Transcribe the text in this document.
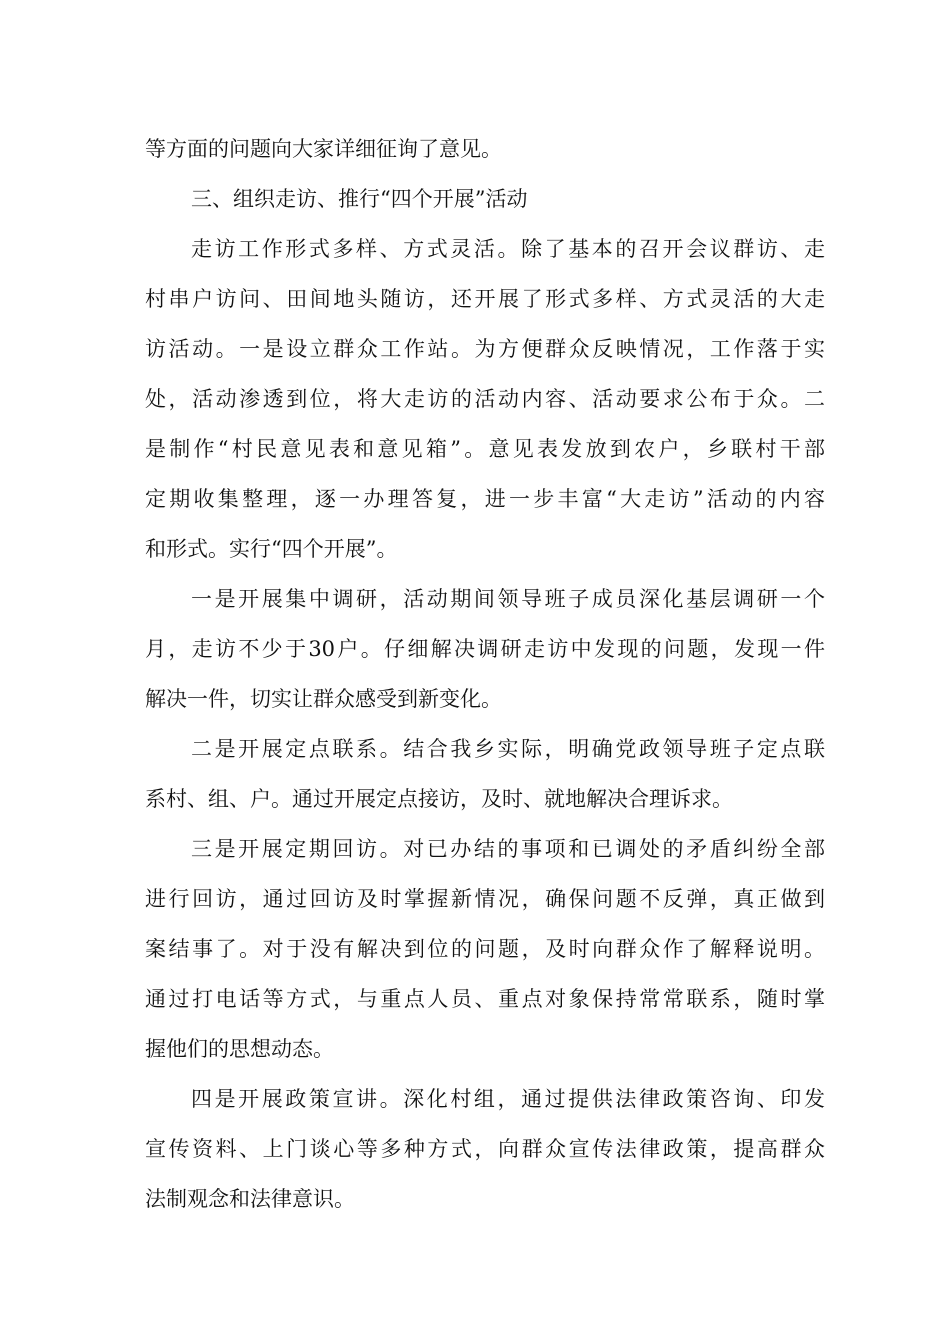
等方面的问题向大家详细征询了意见。
三、组织走访、推行“四个开展”活动
走访工作形式多样、方式灵活。除了基本的召开会议群访、走
村串户访问、田间地头随访，还开展了形式多样、方式灵活的大走
访活动。一是设立群众工作站。为方便群众反映情况，工作落于实
处，活动渗透到位，将大走访的活动内容、活动要求公布于众。二
是制作“村民意见表和意见箱”。意见表发放到农户，乡联村干部
定期收集整理，逐一办理答复，进一步丰富“大走访”活动的内容
和形式。实行“四个开展”。
一是开展集中调研，活动期间领导班子成员深化基层调研一个
月，走访不少于30户。仔细解决调研走访中发现的问题，发现一件
解决一件，切实让群众感受到新变化。
二是开展定点联系。结合我乡实际，明确党政领导班子定点联
系村、组、户。通过开展定点接访，及时、就地解决合理诉求。
三是开展定期回访。对已办结的事项和已调处的矛盾纠纷全部
进行回访，通过回访及时掌握新情况，确保问题不反弹，真正做到
案结事了。对于没有解决到位的问题，及时向群众作了解释说明。
通过打电话等方式，与重点人员、重点对象保持常常联系，随时掌
握他们的思想动态。
四是开展政策宣讲。深化村组，通过提供法律政策咨询、印发
宣传资料、上门谈心等多种方式，向群众宣传法律政策，提高群众
法制观念和法律意识。
